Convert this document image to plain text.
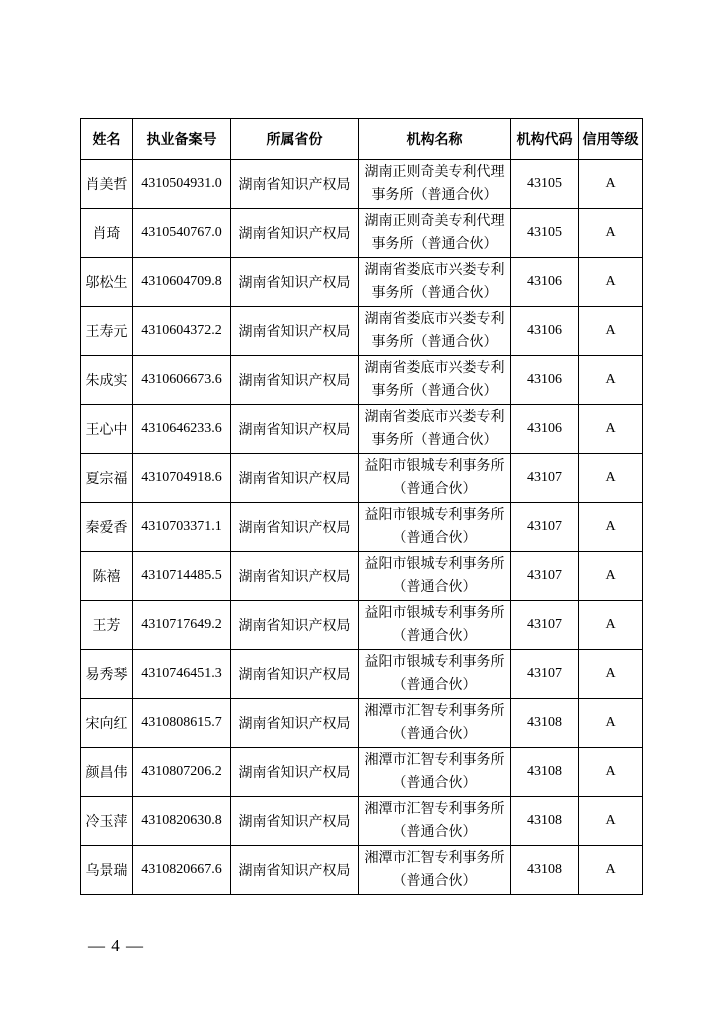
姓名	执业备案号	所属省份	机构名称	机构代码	信用等级
肖美哲	4310504931.0	湖南省知识产权局	湖南正则奇美专利代理
事务所（普通合伙）	43105	A
肖琦	4310540767.0	湖南省知识产权局	湖南正则奇美专利代理
事务所（普通合伙）	43105	A
邬松生	4310604709.8	湖南省知识产权局	湖南省娄底市兴娄专利
事务所（普通合伙）	43106	A
王寿元	4310604372.2	湖南省知识产权局	湖南省娄底市兴娄专利
事务所（普通合伙）	43106	A
朱成实	4310606673.6	湖南省知识产权局	湖南省娄底市兴娄专利
事务所（普通合伙）	43106	A
王心中	4310646233.6	湖南省知识产权局	湖南省娄底市兴娄专利
事务所（普通合伙）	43106	A
夏宗福	4310704918.6	湖南省知识产权局	益阳市银城专利事务所
（普通合伙）	43107	A
秦爱香	4310703371.1	湖南省知识产权局	益阳市银城专利事务所
（普通合伙）	43107	A
陈禧	4310714485.5	湖南省知识产权局	益阳市银城专利事务所
（普通合伙）	43107	A
王芳	4310717649.2	湖南省知识产权局	益阳市银城专利事务所
（普通合伙）	43107	A
易秀琴	4310746451.3	湖南省知识产权局	益阳市银城专利事务所
（普通合伙）	43107	A
宋向红	4310808615.7	湖南省知识产权局	湘潭市汇智专利事务所
（普通合伙）	43108	A
颜昌伟	4310807206.2	湖南省知识产权局	湘潭市汇智专利事务所
（普通合伙）	43108	A
冷玉萍	4310820630.8	湖南省知识产权局	湘潭市汇智专利事务所
（普通合伙）	43108	A
乌景瑞	4310820667.6	湖南省知识产权局	湘潭市汇智专利事务所
（普通合伙）	43108	A
— 4 —
